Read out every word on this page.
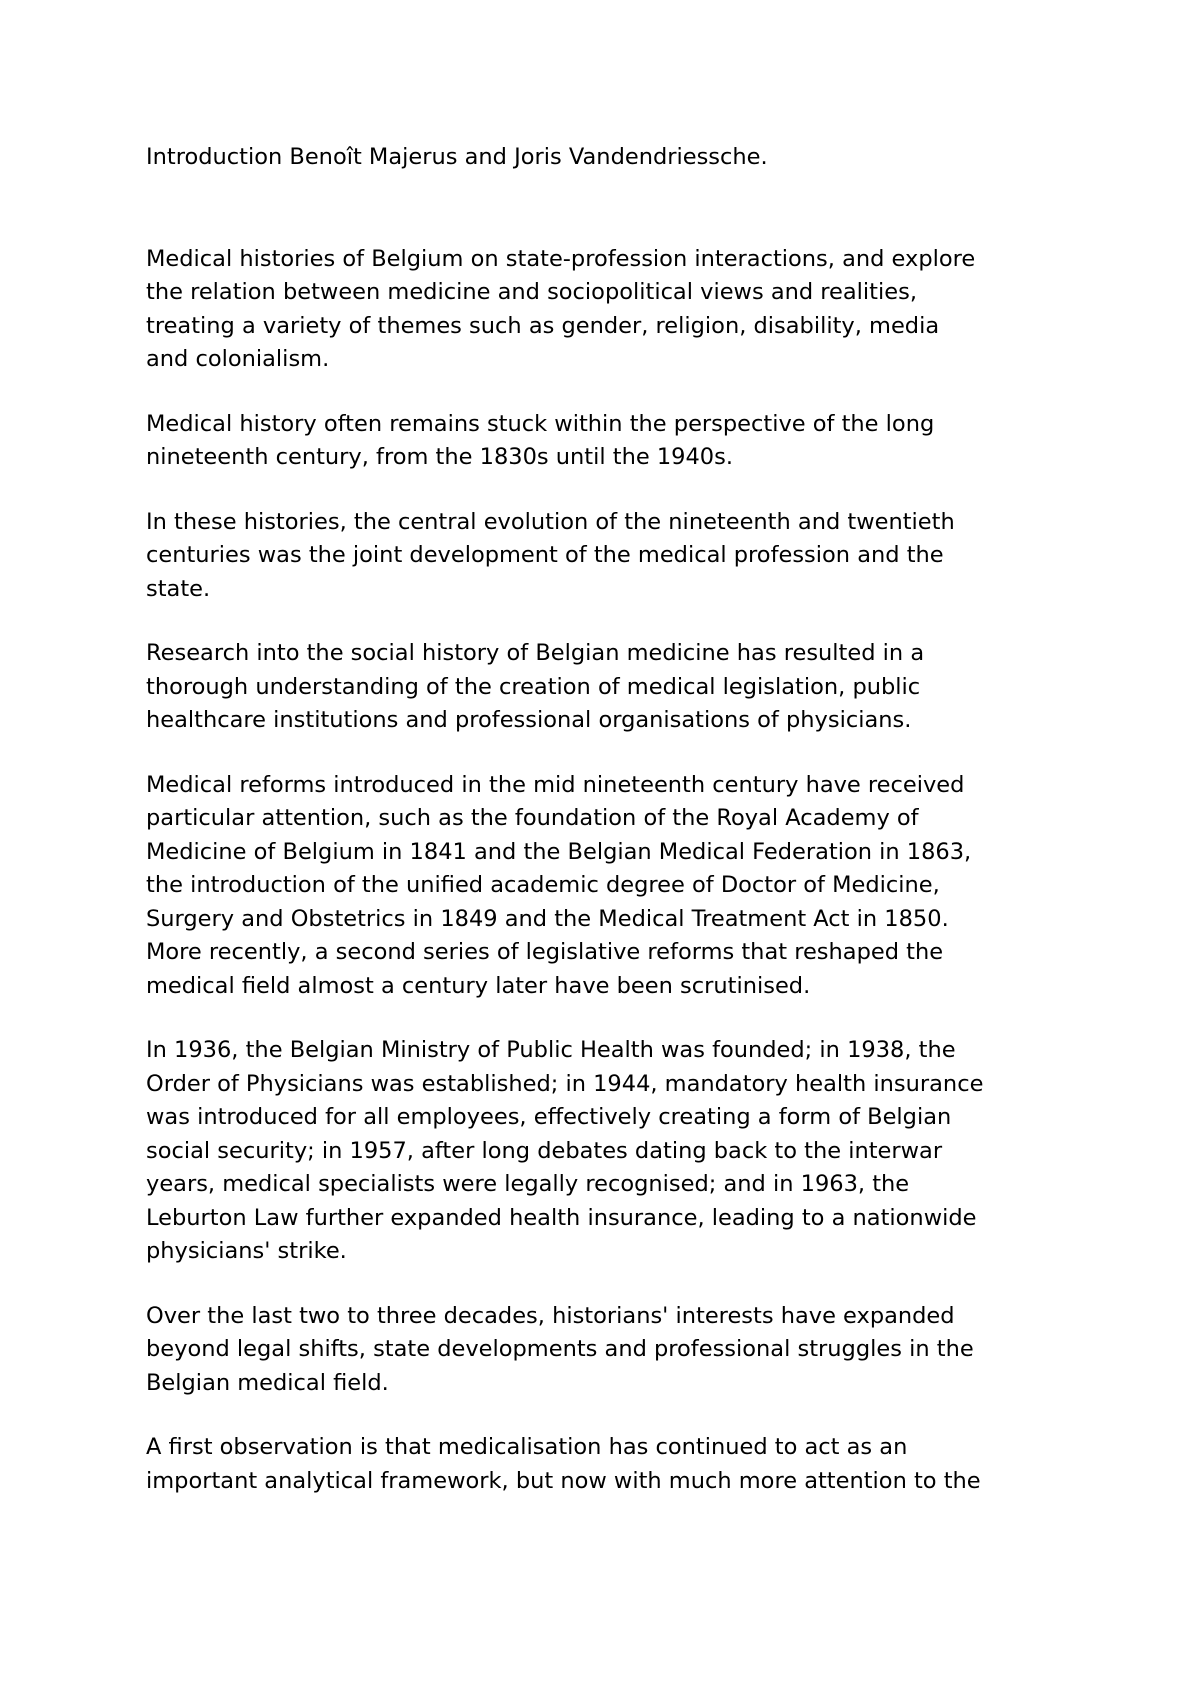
Introduction Benoît Majerus and Joris Vandendriessche.
Medical histories of Belgium on state-profession interactions, and explore
the relation between medicine and sociopolitical views and realities,
treating a variety of themes such as gender, religion, disability, media
and colonialism.
Medical history often remains stuck within the perspective of the long
nineteenth century, from the 1830s until the 1940s.
In these histories, the central evolution of the nineteenth and twentieth
centuries was the joint development of the medical profession and the
state.
Research into the social history of Belgian medicine has resulted in a
thorough understanding of the creation of medical legislation, public
healthcare institutions and professional organisations of physicians.
Medical reforms introduced in the mid nineteenth century have received
particular attention, such as the foundation of the Royal Academy of
Medicine of Belgium in 1841 and the Belgian Medical Federation in 1863,
the introduction of the unified academic degree of Doctor of Medicine,
Surgery and Obstetrics in 1849 and the Medical Treatment Act in 1850.
More recently, a second series of legislative reforms that reshaped the
medical field almost a century later have been scrutinised.
In 1936, the Belgian Ministry of Public Health was founded; in 1938, the
Order of Physicians was established; in 1944, mandatory health insurance
was introduced for all employees, effectively creating a form of Belgian
social security; in 1957, after long debates dating back to the interwar
years, medical specialists were legally recognised; and in 1963, the
Leburton Law further expanded health insurance, leading to a nationwide
physicians' strike.
Over the last two to three decades, historians' interests have expanded
beyond legal shifts, state developments and professional struggles in the
Belgian medical field.
A first observation is that medicalisation has continued to act as an
important analytical framework, but now with much more attention to the
